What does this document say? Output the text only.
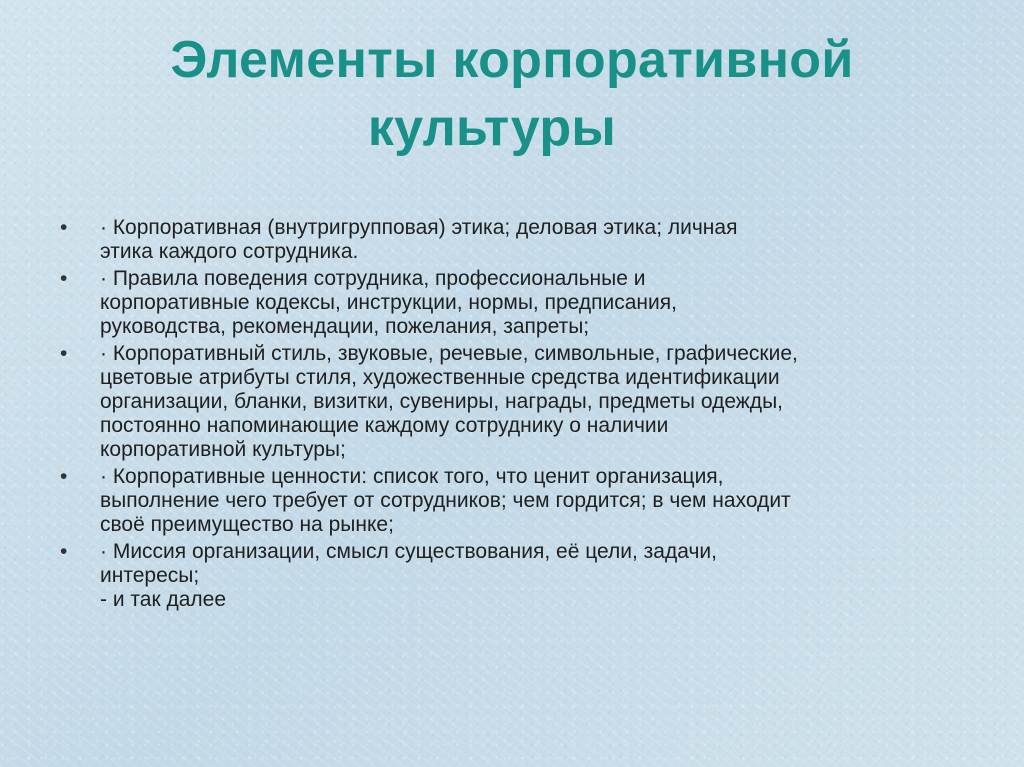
Элементы корпоративной
культуры
•	· Корпоративная (внутригрупповая) этика; деловая этика; личная
этика каждого сотрудника.
•	· Правила поведения сотрудника, профессиональные и
корпоративные кодексы, инструкции, нормы, предписания,
руководства, рекомендации, пожелания, запреты;
•	· Корпоративный стиль, звуковые, речевые, символьные, графические,
цветовые атрибуты стиля, художественные средства идентификации
организации, бланки, визитки, сувениры, награды, предметы одежды,
постоянно напоминающие каждому сотруднику о наличии
корпоративной культуры;
•	· Корпоративные ценности: список того, что ценит организация,
выполнение чего требует от сотрудников; чем гордится; в чем находит
своё преимущество на рынке;
•	· Миссия организации, смысл существования, её цели, задачи,
интересы;
- и так далее
